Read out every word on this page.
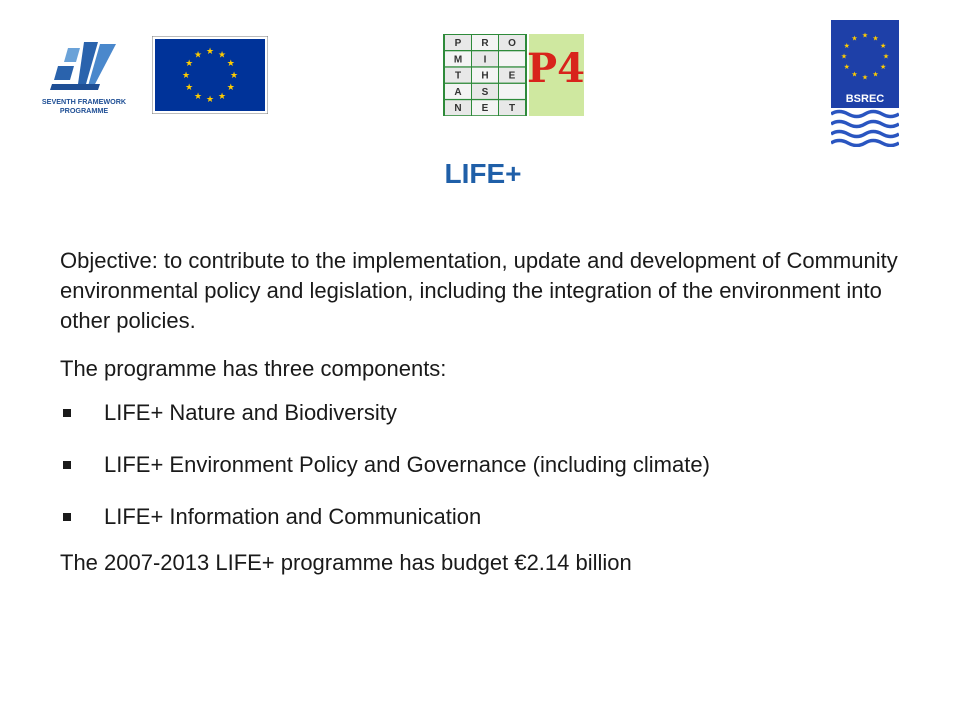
SEVENTH FRAMEWORK
PROGRAMME
★ ★
★
★
★
★
★
★
★
★
★
★
P R O
M I
T H E
A S
N E T
P4
★ ★
★
★
★
★
★
★
★
★
★
★
BSREC
LIFE+

Objective: to contribute to the implementation, update and development of Community environmental policy and legislation, including the integration of the environment into other policies.

The programme has three components:

LIFE+ Nature and Biodiversity
LIFE+ Environment Policy and Governance (including climate)
LIFE+ Information and Communication

The 2007-2013 LIFE+ programme has budget €2.14 billion
